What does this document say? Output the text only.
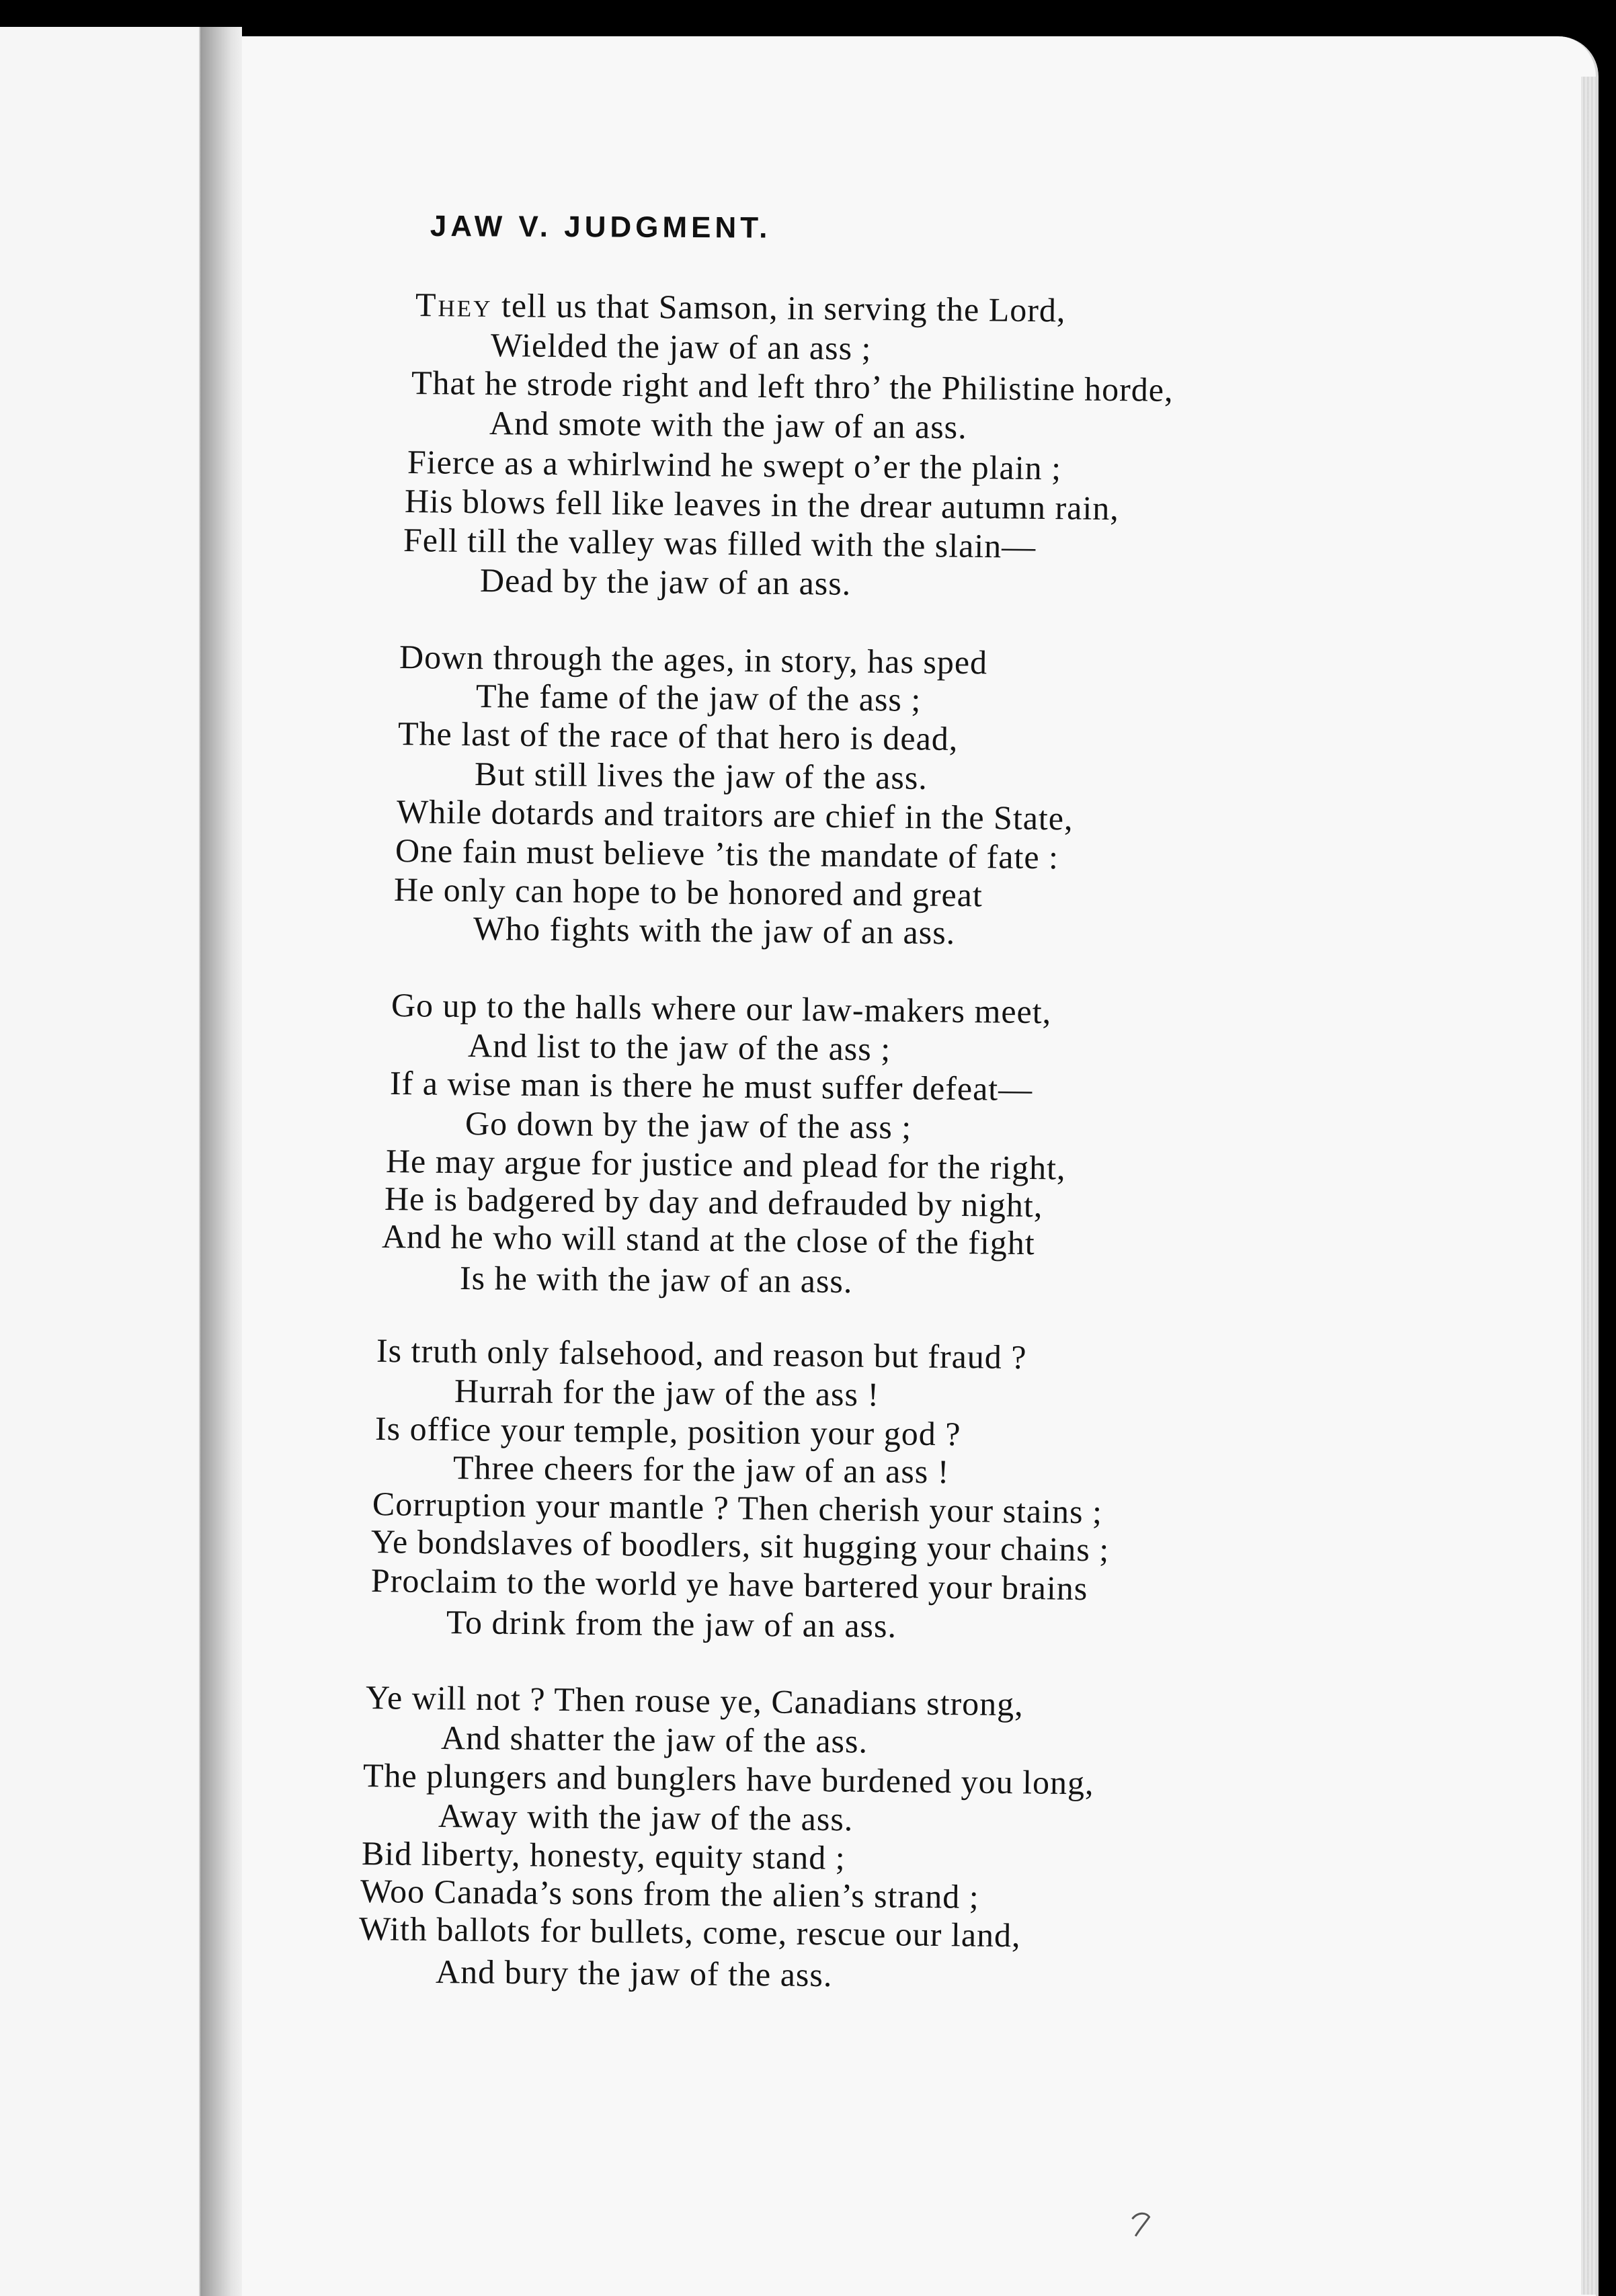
JAW V. JUDGMENT.
They tell us that Samson, in serving the Lord,
Wielded the jaw of an ass ;
That he strode right and left thro’ the Philistine horde,
And smote with the jaw of an ass.
Fierce as a whirlwind he swept o’er the plain ;
His blows fell like leaves in the drear autumn rain,
Fell till the valley was filled with the slain—
Dead by the jaw of an ass.
Down through the ages, in story, has sped
The fame of the jaw of the ass ;
The last of the race of that hero is dead,
But still lives the jaw of the ass.
While dotards and traitors are chief in the State,
One fain must believe ’tis the mandate of fate :
He only can hope to be honored and great
Who fights with the jaw of an ass.
Go up to the halls where our law-makers meet,
And list to the jaw of the ass ;
If a wise man is there he must suffer defeat—
Go down by the jaw of the ass ;
He may argue for justice and plead for the right,
He is badgered by day and defrauded by night,
And he who will stand at the close of the fight
Is he with the jaw of an ass.
Is truth only falsehood, and reason but fraud ?
Hurrah for the jaw of the ass !
Is office your temple, position your god ?
Three cheers for the jaw of an ass !
Corruption your mantle ? Then cherish your stains ;
Ye bondslaves of boodlers, sit hugging your chains ;
Proclaim to the world ye have bartered your brains
To drink from the jaw of an ass.
Ye will not ? Then rouse ye, Canadians strong,
And shatter the jaw of the ass.
The plungers and bunglers have burdened you long,
Away with the jaw of the ass.
Bid liberty, honesty, equity stand ;
Woo Canada’s sons from the alien’s strand ;
With ballots for bullets, come, rescue our land,
And bury the jaw of the ass.
